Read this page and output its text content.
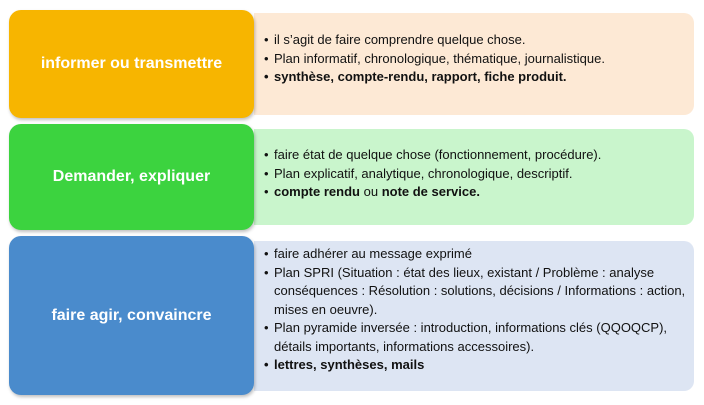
• il s’agit de faire comprendre quelque chose.
• Plan informatif, chronologique, thématique, journalistique.
• synthèse, compte-rendu, rapport, fiche produit.
informer ou transmettre
• faire état de quelque chose (fonctionnement, procédure).
• Plan explicatif, analytique, chronologique, descriptif.
• compte rendu ou note de service.
Demander, expliquer
• faire adhérer au message exprimé
• Plan SPRI (Situation : état des lieux, existant / Problème : analyse conséquences : Résolution : solutions, décisions / Informations : action, mises en oeuvre).
• Plan pyramide inversée : introduction, informations clés (QQOQCP), détails importants, informations accessoires).
• lettres, synthèses, mails
faire agir, convaincre
